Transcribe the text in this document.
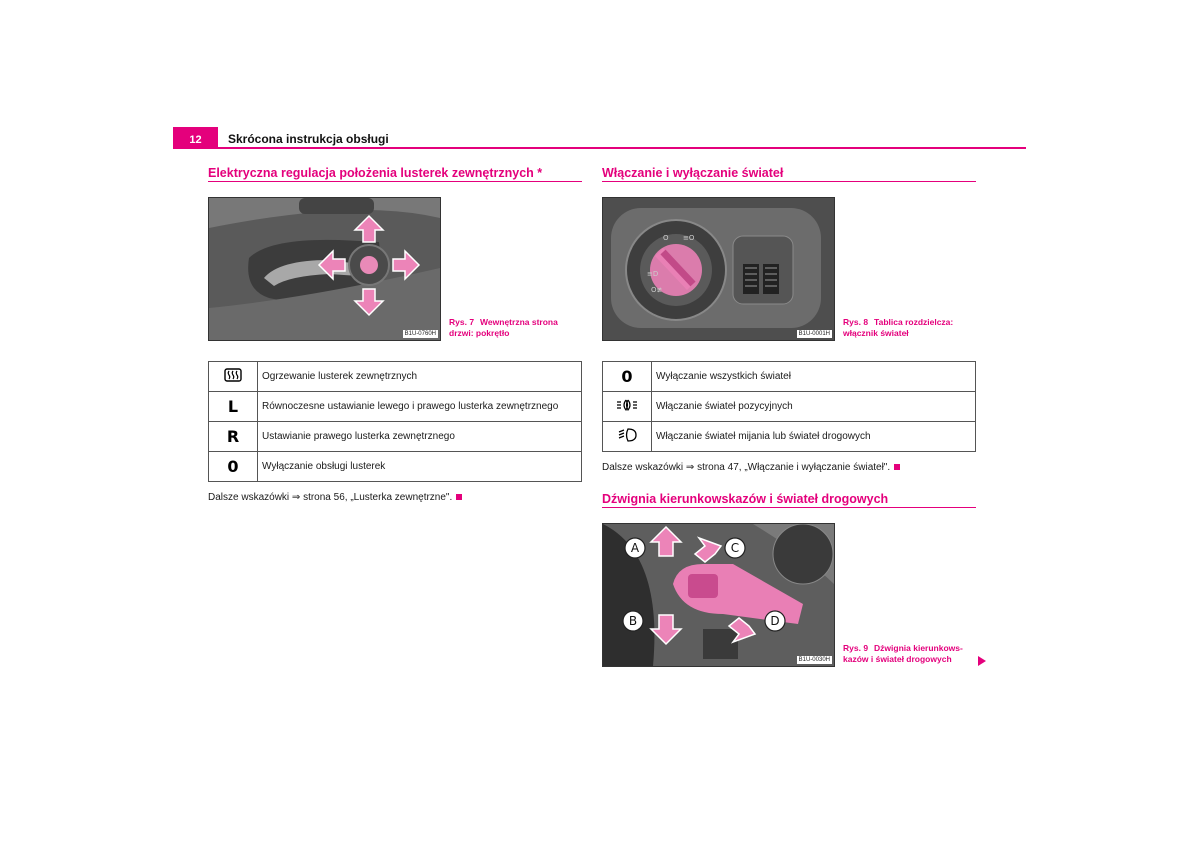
12	Skrócona instrukcja obsługi
Elektryczna regulacja położenia lusterek zewnętrznych *
B1U-0760H
Rys. 7 Wewnętrzna strona
drzwi: pokrętło
	Ogrzewanie lusterek zewnętrznych
L	Równoczesne ustawianie lewego i prawego lusterka zewnętrznego
R	Ustawianie prawego lusterka zewnętrznego
0	Wyłączanie obsługi lusterek
Dalsze wskazówki ⇒ strona 56, „Lusterka zewnętrzne".
Włączanie i wyłączanie świateł
O ≡O
≡D
O≢
B1U-0001H
Rys. 8 Tablica rozdzielcza:
włącznik świateł
0	Wyłączanie wszystkich świateł
	Włączanie świateł pozycyjnych
	Włączanie świateł mijania lub świateł drogowych
Dalsze wskazówki ⇒ strona 47, „Włączanie i wyłączanie świateł".
Dźwignia kierunkowskazów i świateł drogowych
A
B
C
D
B1U-0030H
Rys. 9 Dźwignia kierunkows-
kazów i świateł drogowych
